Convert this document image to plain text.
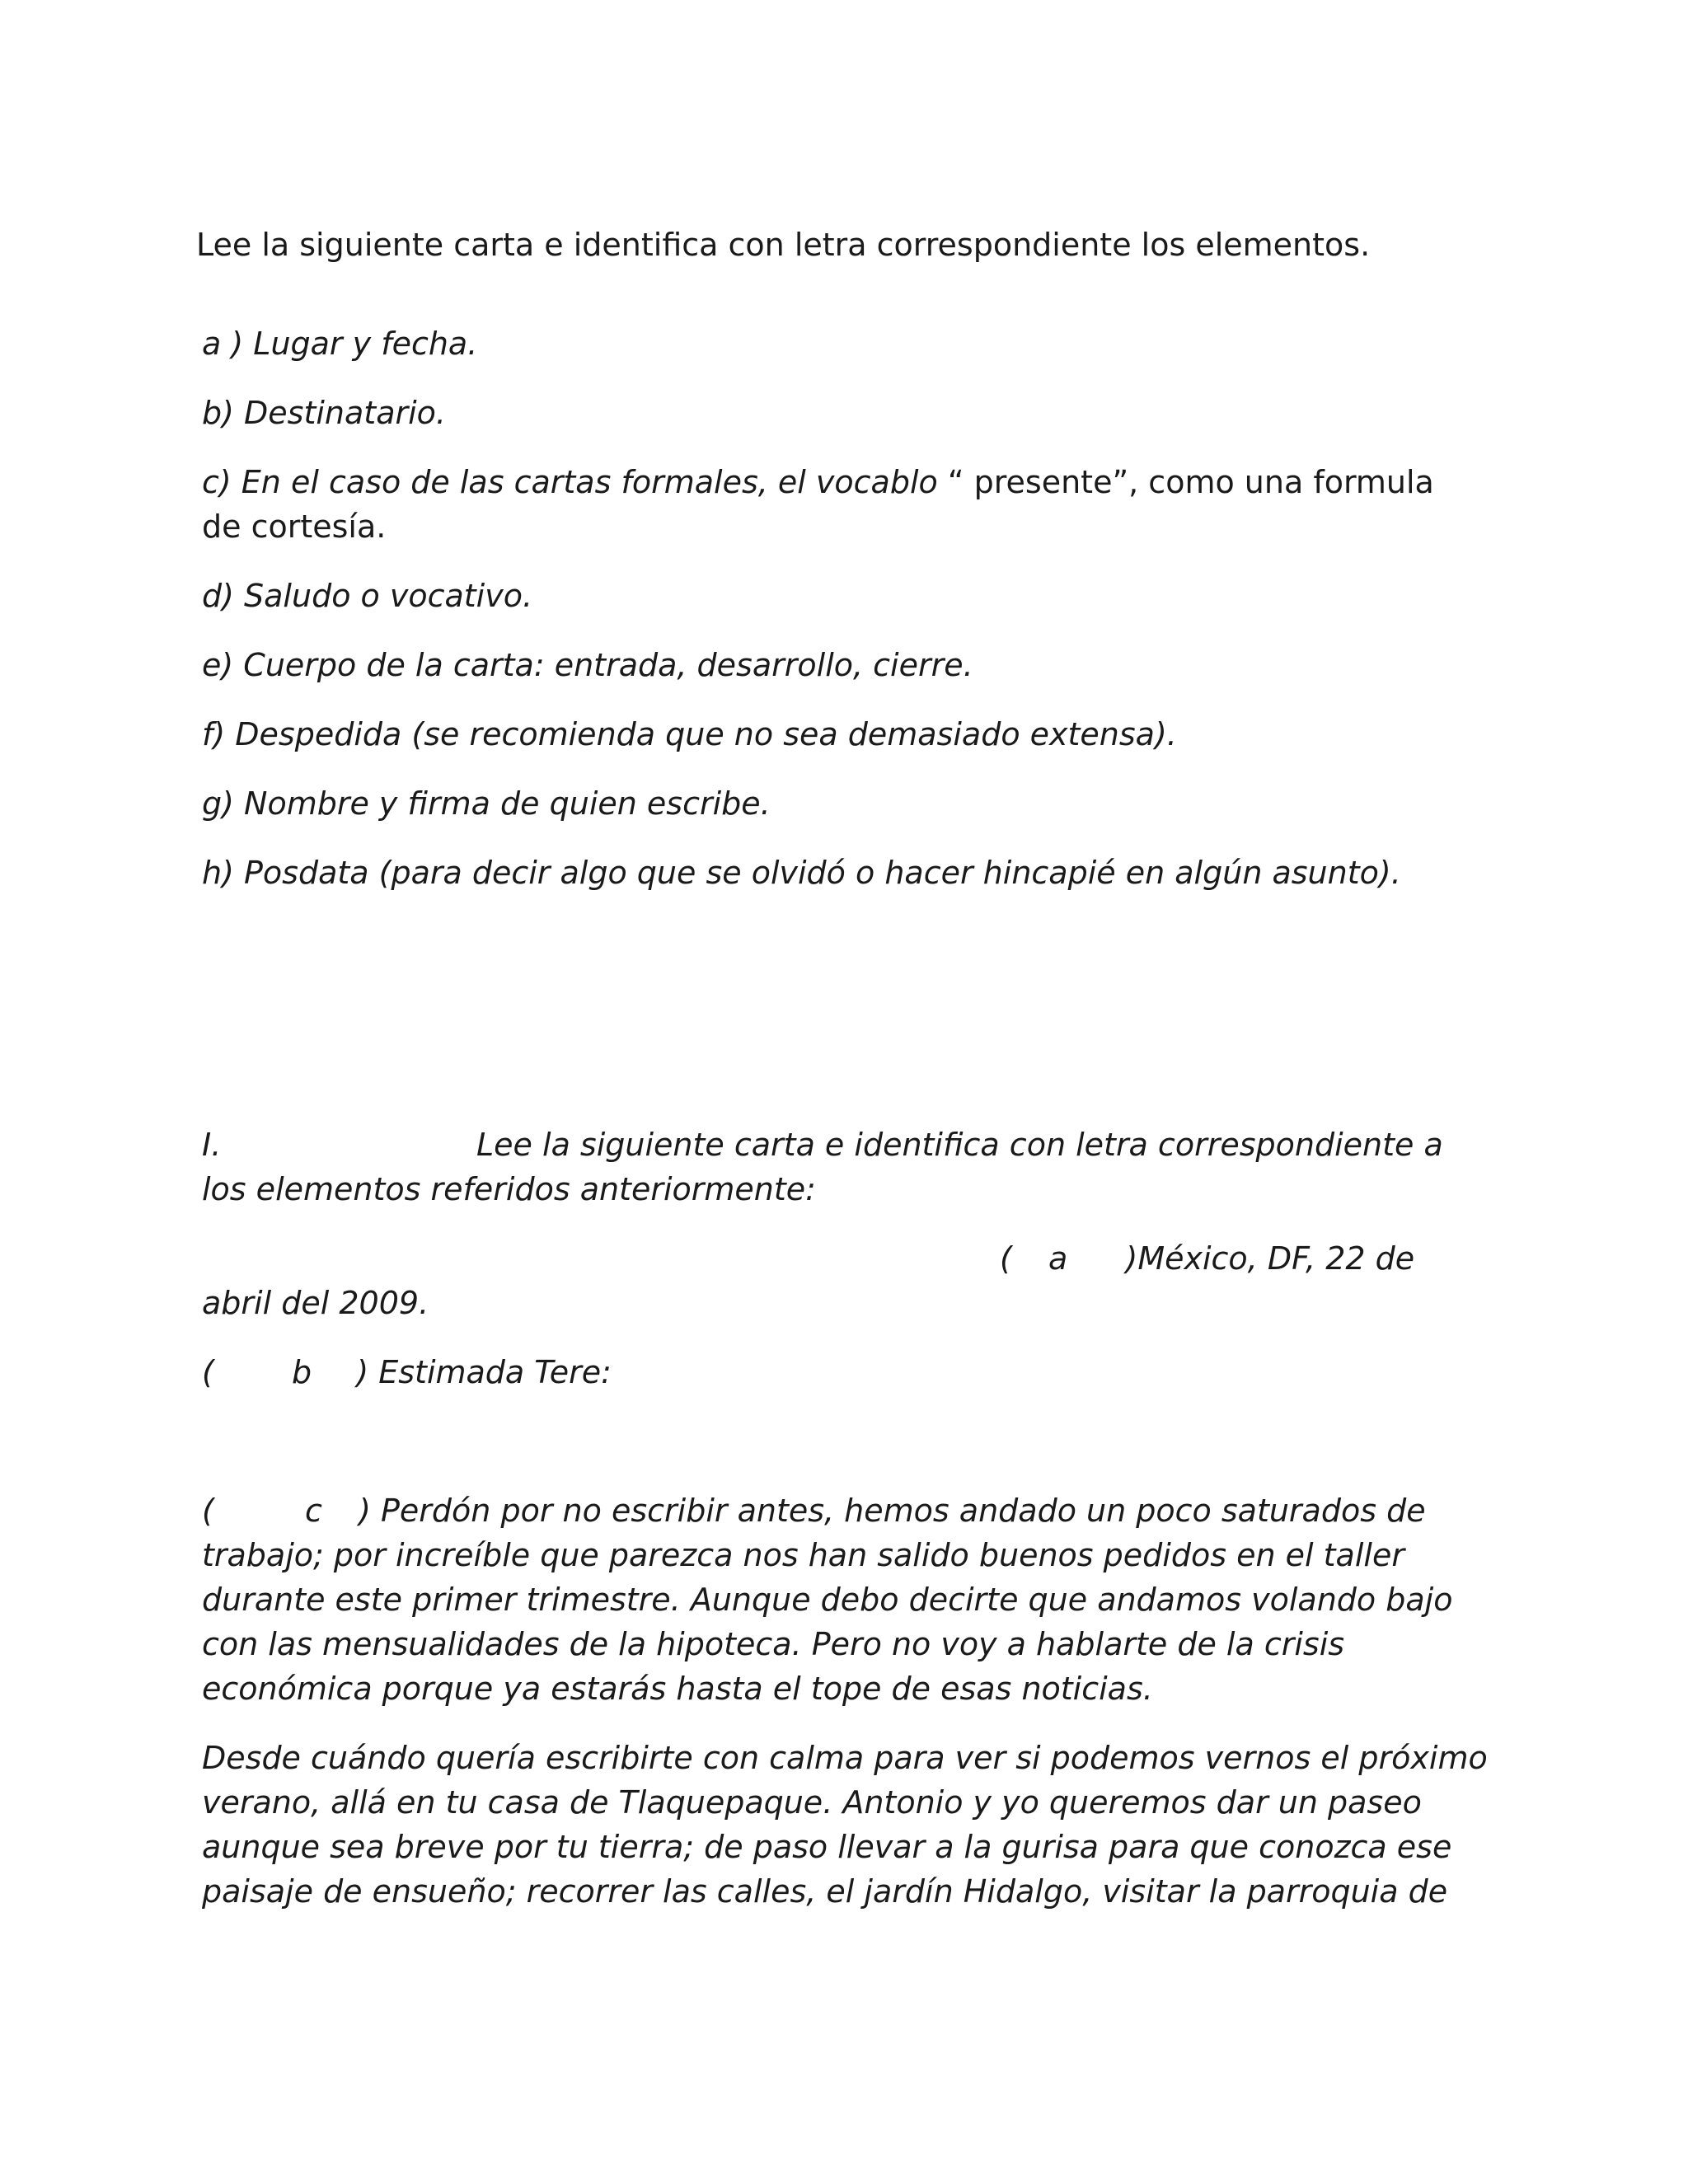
Lee la siguiente carta e identifica con letra correspondiente los elementos.
a ) Lugar y fecha.
b) Destinatario.
c) En el caso de las cartas formales, el vocablo “ presente”, como una formula
de cortesía.
d) Saludo o vocativo.
e) Cuerpo de la carta: entrada, desarrollo, cierre.
f) Despedida (se recomienda que no sea demasiado extensa).
g) Nombre y firma de quien escribe.
h) Posdata (para decir algo que se olvidó o hacer hincapié en algún asunto).
I.	Lee la siguiente carta e identifica con letra correspondiente a
los elementos referidos anteriormente:
( a )México, DF, 22 de
abril del 2009.
( b ) Estimada Tere:
(	c ) Perdón por no escribir antes, hemos andado un poco saturados de
trabajo; por increíble que parezca nos han salido buenos pedidos en el taller
durante este primer trimestre. Aunque debo decirte que andamos volando bajo
con las mensualidades de la hipoteca. Pero no voy a hablarte de la crisis
económica porque ya estarás hasta el tope de esas noticias.
Desde cuándo quería escribirte con calma para ver si podemos vernos el próximo
verano, allá en tu casa de Tlaquepaque. Antonio y yo queremos dar un paseo
aunque sea breve por tu tierra; de paso llevar a la gurisa para que conozca ese
paisaje de ensueño; recorrer las calles, el jardín Hidalgo, visitar la parroquia de
